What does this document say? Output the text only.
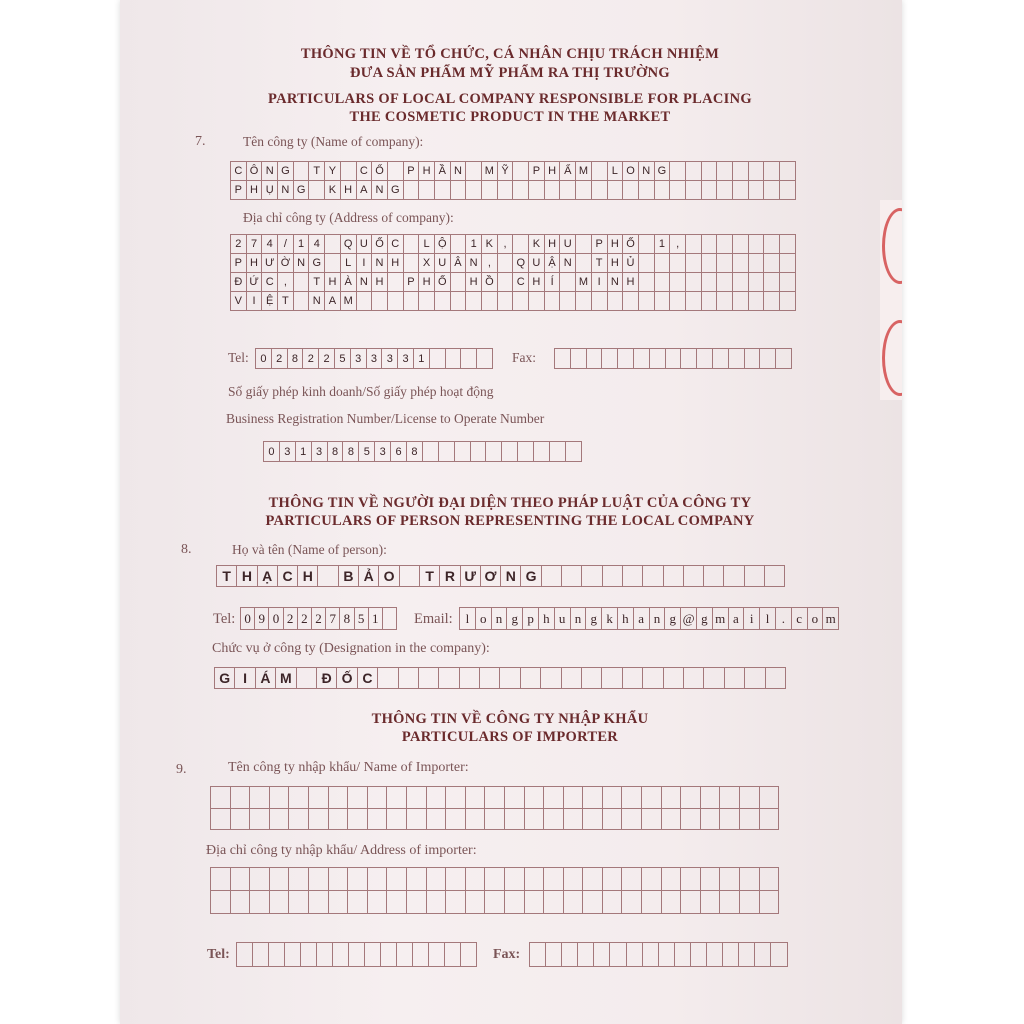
THÔNG TIN VỀ TỔ CHỨC, CÁ NHÂN CHỊU TRÁCH NHIỆM
ĐƯA SẢN PHẨM MỸ PHẨM RA THỊ TRƯỜNG
PARTICULARS OF LOCAL COMPANY RESPONSIBLE FOR PLACING
THE COSMETIC PRODUCT IN THE MARKET
7.	Tên công ty (Name of company):
C Ô N G	T Y	C Ổ	P H Ầ N	M Ỹ	P H Ẩ M	L O N G
P H Ụ N G	K H A N G
Địa chỉ công ty (Address of company):
2 7 4	/	1 4	Q U Ố C	L Ộ	1 K ,	K H U	P H Ố	1	,
P H Ư Ờ N G	L	I N H	X U Â N ,	Q U Ậ N	T H Ủ
Đ Ứ C ,	T H À N H	P H Ố	H Ồ	C H Í	M I N H
V I Ệ T	N A M
Tel:	0 2 8 2 2 5 3 3 3 3 1	Fax:
Số giấy phép kinh doanh/Số giấy phép hoạt động
Business Registration Number/License to Operate Number
0 3 1 3 8 8 5 3 6 8
THÔNG TIN VỀ NGƯỜI ĐẠI DIỆN THEO PHÁP LUẬT CỦA CÔNG TY
PARTICULARS OF PERSON REPRESENTING THE LOCAL COMPANY
8.	Họ và tên (Name of person):
T H Ạ C H	B Ả O	T R Ư Ơ N G
Tel: 0 9 0 2 2 2 7 8 5 1 Email: l o n g p h u n g k h a n g @ g m a i l . c o m
Chức vụ ở công ty (Designation in the company):
G I Á M	Đ Ố C
THÔNG TIN VỀ CÔNG TY NHẬP KHẨU
PARTICULARS OF IMPORTER
9.	Tên công ty nhập khẩu/ Name of Importer:
Địa chỉ công ty nhập khẩu/ Address of importer:
Tel:	Fax:
